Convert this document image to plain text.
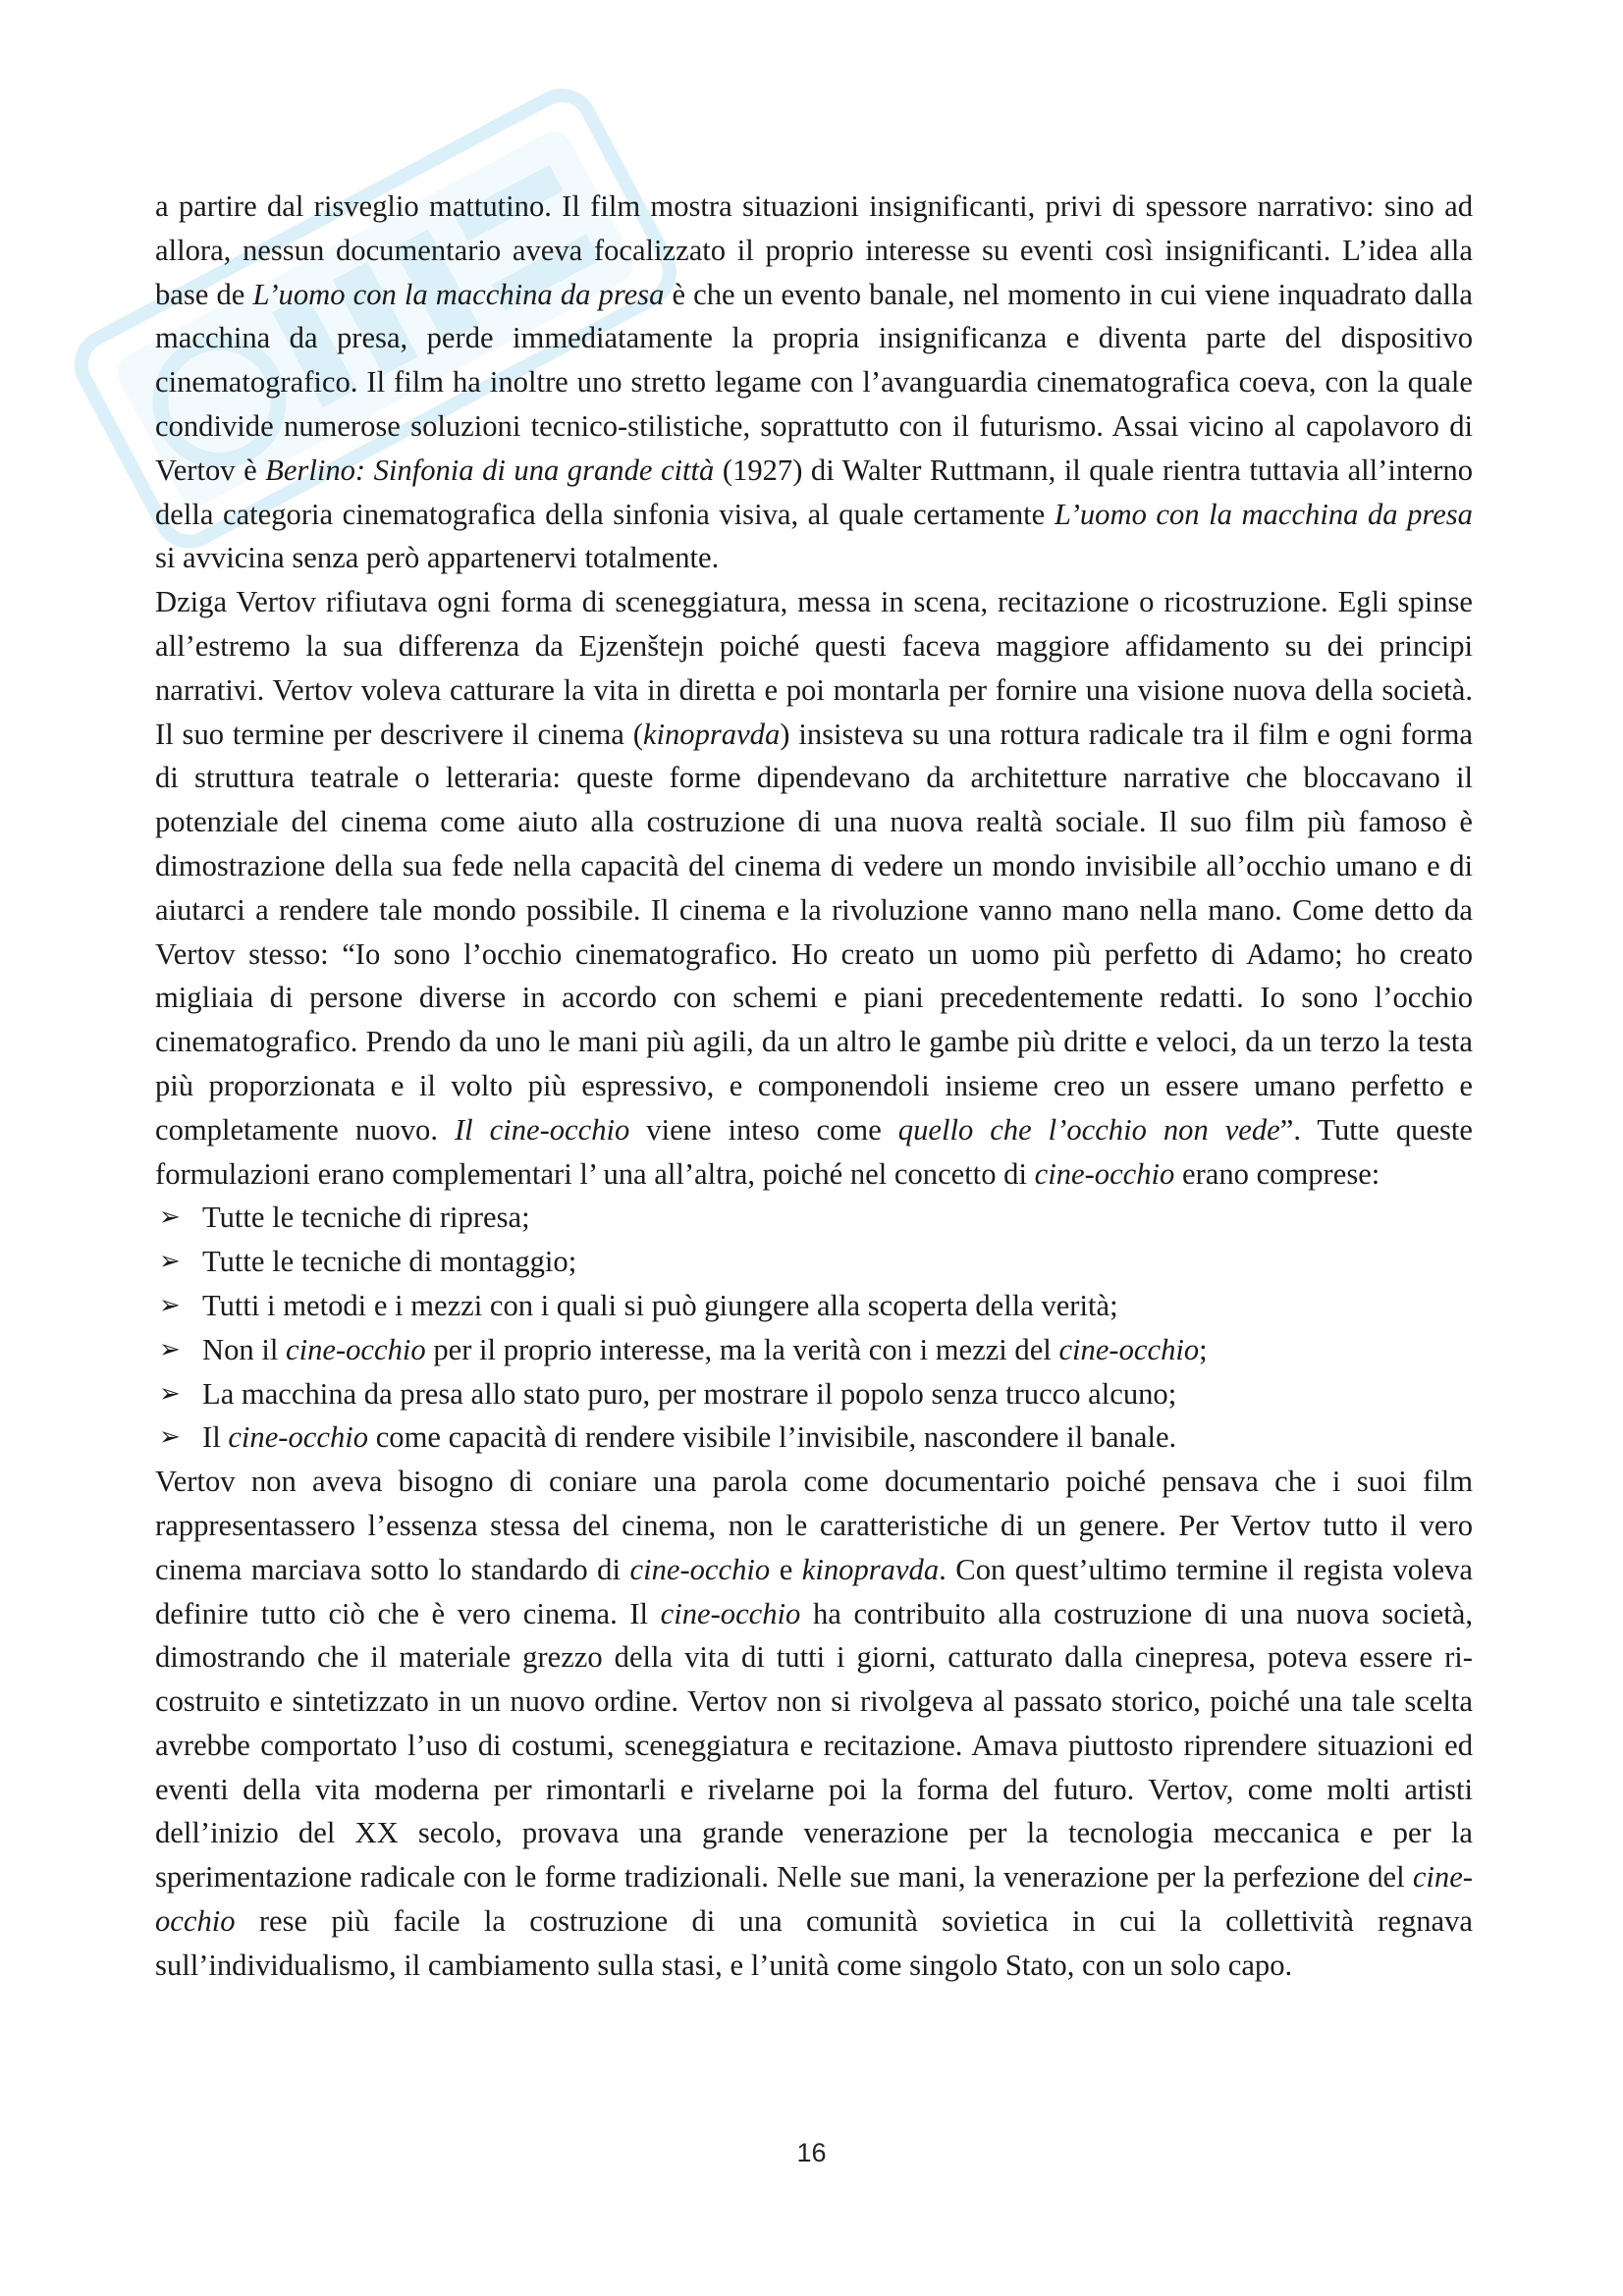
a partire dal risveglio mattutino. Il film mostra situazioni insignificanti, privi di spessore narrativo: sino ad allora, nessun documentario aveva focalizzato il proprio interesse su eventi così insignificanti. L’idea alla base de L’uomo con la macchina da presa è che un evento banale, nel momento in cui viene inquadrato dalla macchina da presa, perde immediatamente la propria insignificanza e diventa parte del dispositivo cinematografico. Il film ha inoltre uno stretto legame con l’avanguardia cinematografica coeva, con la quale condivide numerose soluzioni tecnico-stilistiche, soprattutto con il futurismo. Assai vicino al capolavoro di Vertov è Berlino: Sinfonia di una grande città (1927) di Walter Ruttmann, il quale rientra tuttavia all’interno della categoria cinematografica della sinfonia visiva, al quale certamente L’uomo con la macchina da presa si avvicina senza però appartenervi totalmente.

Dziga Vertov rifiutava ogni forma di sceneggiatura, messa in scena, recitazione o ricostruzione. Egli spinse all’estremo la sua differenza da Ejzenštejn poiché questi faceva maggiore affidamento su dei principi narrativi. Vertov voleva catturare la vita in diretta e poi montarla per fornire una visione nuova della società. Il suo termine per descrivere il cinema (kinopravda) insisteva su una rottura radicale tra il film e ogni forma di struttura teatrale o letteraria: queste forme dipendevano da architetture narrative che bloccavano il potenziale del cinema come aiuto alla costruzione di una nuova realtà sociale. Il suo film più famoso è dimostrazione della sua fede nella capacità del cinema di vedere un mondo invisibile all’occhio umano e di aiutarci a rendere tale mondo possibile. Il cinema e la rivoluzione vanno mano nella mano. Come detto da Vertov stesso: “Io sono l’occhio cinematografico. Ho creato un uomo più perfetto di Adamo; ho creato migliaia di persone diverse in accordo con schemi e piani precedentemente redatti. Io sono l’occhio cinematografico. Prendo da uno le mani più agili, da un altro le gambe più dritte e veloci, da un terzo la testa più proporzionata e il volto più espressivo, e componendoli insieme creo un essere umano perfetto e completamente nuovo. Il cine-occhio viene inteso come quello che l’occhio non vede”. Tutte queste formulazioni erano complementari l’ una all’altra, poiché nel concetto di cine-occhio erano comprese:

➢ Tutte le tecniche di ripresa;
➢ Tutte le tecniche di montaggio;
➢ Tutti i metodi e i mezzi con i quali si può giungere alla scoperta della verità;
➢ Non il cine-occhio per il proprio interesse, ma la verità con i mezzi del cine-occhio;
➢ La macchina da presa allo stato puro, per mostrare il popolo senza trucco alcuno;
➢ Il cine-occhio come capacità di rendere visibile l’invisibile, nascondere il banale.

Vertov non aveva bisogno di coniare una parola come documentario poiché pensava che i suoi film rappresentassero l’essenza stessa del cinema, non le caratteristiche di un genere. Per Vertov tutto il vero cinema marciava sotto lo standardo di cine-occhio e kinopravda. Con quest’ultimo termine il regista voleva definire tutto ciò che è vero cinema. Il cine-occhio ha contribuito alla costruzione di una nuova società, dimostrando che il materiale grezzo della vita di tutti i giorni, catturato dalla cinepresa, poteva essere ri-costruito e sintetizzato in un nuovo ordine. Vertov non si rivolgeva al passato storico, poiché una tale scelta avrebbe comportato l’uso di costumi, sceneggiatura e recitazione. Amava piuttosto riprendere situazioni ed eventi della vita moderna per rimontarli e rivelarne poi la forma del futuro. Vertov, come molti artisti dell’inizio del XX secolo, provava una grande venerazione per la tecnologia meccanica e per la sperimentazione radicale con le forme tradizionali. Nelle sue mani, la venerazione per la perfezione del cine-occhio rese più facile la costruzione di una comunità sovietica in cui la collettività regnava sull’individualismo, il cambiamento sulla stasi, e l’unità come singolo Stato, con un solo capo.

16
